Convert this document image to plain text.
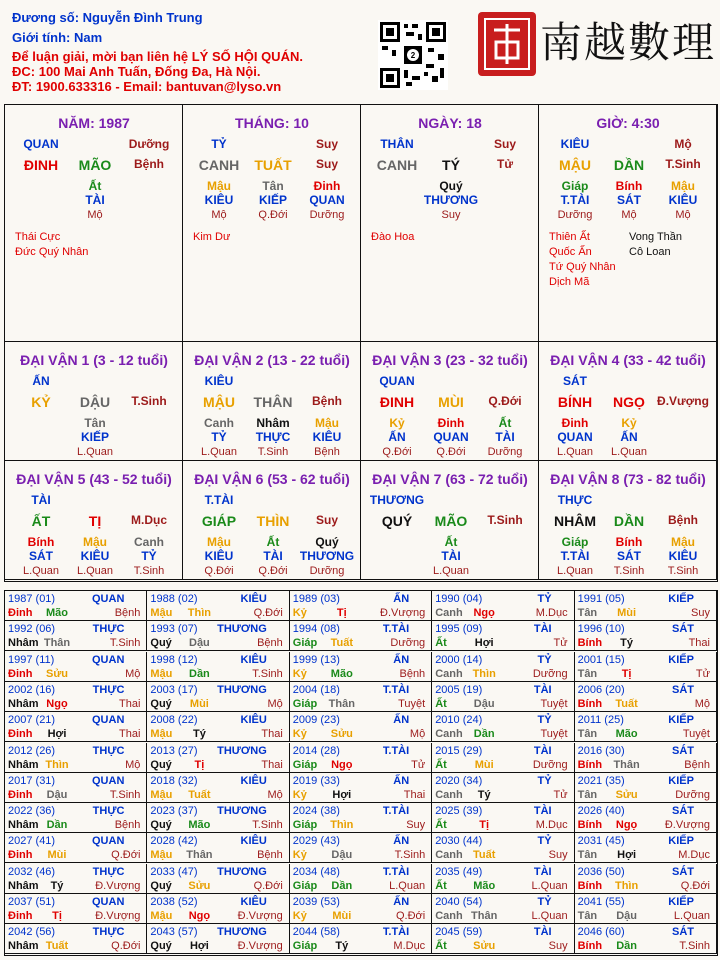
Đương số: Nguyễn Đình Trung
Giới tính: Nam
Để luận giải, mời bạn liên hệ LÝ SỐ HỘI QUÁN.
ĐC: 100 Mai Anh Tuấn, Đống Đa, Hà Nội.
ĐT: 1900.633316 - Email: bantuvan@lyso.vn
2	南越數理
NĂM: 1987
QUAN	Dưỡng
ĐINH MÃO Bệnh
Ất
TÀI
Mộ
Thái Cực
Đức Quý Nhân
THÁNG: 10
TỶ	Suy
CANH TUẤT Suy
Mậu
KIÊU
Mộ
Tân
KIẾP
Q.Đới
Đinh
QUAN
Dưỡng
Kim Dư
NGÀY: 18
THÂN	Suy
CANH TÝ	Tử
Quý
THƯƠNG
Suy
Đào Hoa
GIỜ: 4:30
KIÊU	Mộ
MẬU DẦN T.Sinh
Giáp
T.TÀI
Dưỡng
Bính
SÁT
Mộ
Mậu
KIÊU
Mộ
Thiên Ất
Quốc Ấn
Tứ Quý Nhân
Dịch Mã
Vong Thần
Cô Loan
ĐẠI VẬN 1 (3 - 12 tuổi)
ẤN
KỶ DẬU T.Sinh
Tân
KIẾP
L.Quan
ĐẠI VẬN 2 (13 - 22 tuổi)
KIÊU
MẬU THÂN Bệnh
Canh
TỶ
L.Quan
Nhâm
THỰC
T.Sinh
Mậu
KIÊU
Bệnh
ĐẠI VẬN 3 (23 - 32 tuổi)
QUAN
ĐINH MÙI Q.Đới
Kỷ
ẤN
Q.Đới
Đinh
QUAN
Q.Đới
Ất
TÀI
Dưỡng
ĐẠI VẬN 4 (33 - 42 tuổi)
SÁT
BÍNH NGỌ Đ.Vượng
Đinh
QUAN
L.Quan
Kỷ
ẤN
L.Quan
ĐẠI VẬN 5 (43 - 52 tuổi)
TÀI
ẤT	TỊ M.Dục
Bính
SÁT
L.Quan
Mậu
KIÊU
L.Quan
Canh
TỶ
T.Sinh
ĐẠI VẬN 6 (53 - 62 tuổi)
T.TÀI
GIÁP THÌN Suy
Mậu
KIÊU
Q.Đới
Ất
TÀI
Q.Đới
Quý
THƯƠNG
Dưỡng
ĐẠI VẬN 7 (63 - 72 tuổi)
THƯƠNG
QUÝ MÃO T.Sinh
Ất
TÀI
L.Quan
ĐẠI VẬN 8 (73 - 82 tuổi)
THỰC
NHÂM DẦN Bệnh
Giáp
T.TÀI
L.Quan
Bính
SÁT
T.Sinh
Mậu
KIÊU
T.Sinh
1987 (01)	QUAN
Đinh Mão	Bệnh
1988 (02)	KIÊU
Mậu Thìn	Q.Đới
1989 (03)	ẤN
Kỷ	Tị	Đ.Vượng
1990 (04)	TỶ
Canh Ngọ	M.Dục
1991 (05)	KIẾP
Tân Mùi	Suy
1992 (06)	THỰC
Nhâm Thân	T.Sinh
1993 (07) THƯƠNG
Quý Dậu	Bệnh
1994 (08)	T.TÀI
Giáp Tuất	Dưỡng
1995 (09)	TÀI
Ất	Hợi	Tử
1996 (10)	SÁT
Bính Tý	Thai
1997 (11)	QUAN
Đinh Sửu	Mộ
1998 (12)	KIÊU
Mậu Dần	T.Sinh
1999 (13)	ẤN
Kỷ Mão	Bệnh
2000 (14)	TỶ
Canh Thìn	Dưỡng
2001 (15)	KIẾP
Tân Tị	Tử
2002 (16)	THỰC
Nhâm Ngọ	Thai
2003 (17) THƯƠNG
Quý Mùi	Mộ
2004 (18)	T.TÀI
Giáp Thân	Tuyệt
2005 (19)	TÀI
Ất Dậu	Tuyệt
2006 (20)	SÁT
Bính Tuất	Mộ
2007 (21)	QUAN
Đinh Hợi	Thai
2008 (22)	KIÊU
Mậu Tý	Thai
2009 (23)	ẤN
Kỷ Sửu	Mộ
2010 (24)	TỶ
Canh Dần	Tuyệt
2011 (25)	KIẾP
Tân Mão	Tuyệt
2012 (26)	THỰC
Nhâm Thìn	Mộ
2013 (27) THƯƠNG
Quý Tị	Thai
2014 (28)	T.TÀI
Giáp Ngọ	Tử
2015 (29)	TÀI
Ất	Mùi	Dưỡng
2016 (30)	SÁT
Bính Thân	Bệnh
2017 (31)	QUAN
Đinh Dậu	T.Sinh
2018 (32)	KIÊU
Mậu Tuất	Mộ
2019 (33)	ẤN
Kỷ Hợi	Thai
2020 (34)	TỶ
Canh Tý	Tử
2021 (35)	KIẾP
Tân Sửu	Dưỡng
2022 (36)	THỰC
Nhâm Dần	Bệnh
2023 (37) THƯƠNG
Quý Mão	T.Sinh
2024 (38)	T.TÀI
Giáp Thìn	Suy
2025 (39)	TÀI
Ất	Tị	M.Dục
2026 (40)	SÁT
Bính Ngọ	Đ.Vượng
2027 (41)	QUAN
Đinh Mùi	Q.Đới
2028 (42)	KIÊU
Mậu Thân	Bệnh
2029 (43)	ẤN
Kỷ Dậu	T.Sinh
2030 (44)	TỶ
Canh Tuất	Suy
2031 (45)	KIẾP
Tân Hợi	M.Dục
2032 (46)	THỰC
Nhâm Tý	Đ.Vượng
2033 (47) THƯƠNG
Quý Sửu	Q.Đới
2034 (48)	T.TÀI
Giáp Dần	L.Quan
2035 (49)	TÀI
Ất Mão	L.Quan
2036 (50)	SÁT
Bính Thìn	Q.Đới
2037 (51)	QUAN
Đinh Tị	Đ.Vượng
2038 (52)	KIÊU
Mậu Ngọ	Đ.Vượng
2039 (53)	ẤN
Kỷ Mùi	Q.Đới
2040 (54)	TỶ
Canh Thân	L.Quan
2041 (55)	KIẾP
Tân Dậu	L.Quan
2042 (56)	THỰC
Nhâm Tuất	Q.Đới
2043 (57) THƯƠNG
Quý Hợi	Đ.Vượng
2044 (58)	T.TÀI
Giáp Tý	M.Dục
2045 (59)	TÀI
Ất Sửu	Suy
2046 (60)	SÁT
Bính Dần	T.Sinh
